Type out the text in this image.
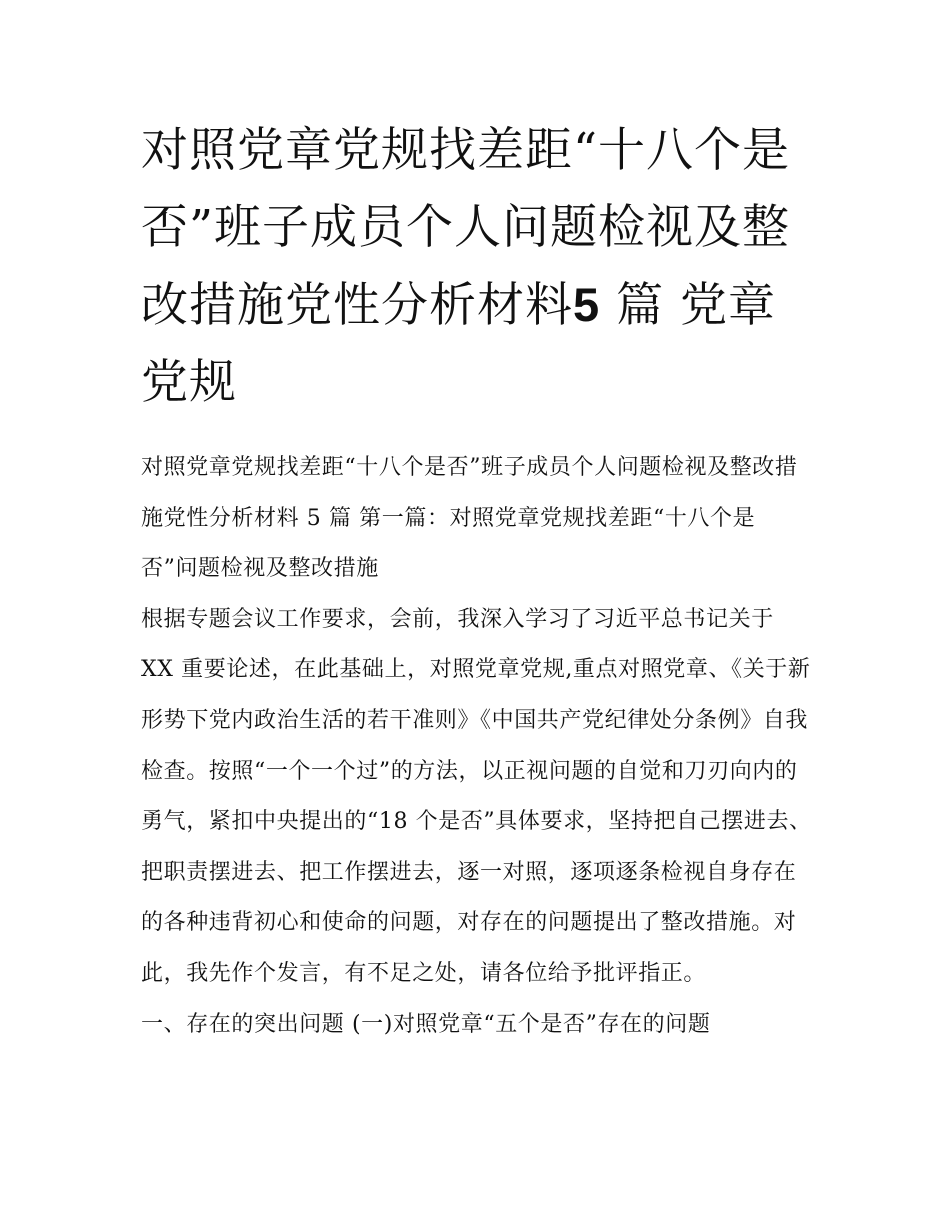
对照党章党规找差距“十八个是否”班子成员个人问题检视及整改措施党性分析材料5 篇 党章党规

对照党章党规找差距“十八个是否”班子成员个人问题检视及整改措施党性分析材料 5 篇 第一篇：对照党章党规找差距“十八个是否”问题检视及整改措施

根据专题会议工作要求，会前，我深入学习了习近平总书记关于 XX 重要论述，在此基础上，对照党章党规,重点对照党章、《关于新形势下党内政治生活的若干准则》《中国共产党纪律处分条例》自我检查。按照“一个一个过”的方法，以正视问题的自觉和刀刃向内的勇气，紧扣中央提出的“18 个是否”具体要求，坚持把自己摆进去、把职责摆进去、把工作摆进去，逐一对照，逐项逐条检视自身存在的各种违背初心和使命的问题，对存在的问题提出了整改措施。对此，我先作个发言，有不足之处，请各位给予批评指正。

一、存在的突出问题 (一)对照党章“五个是否”存在的问题
